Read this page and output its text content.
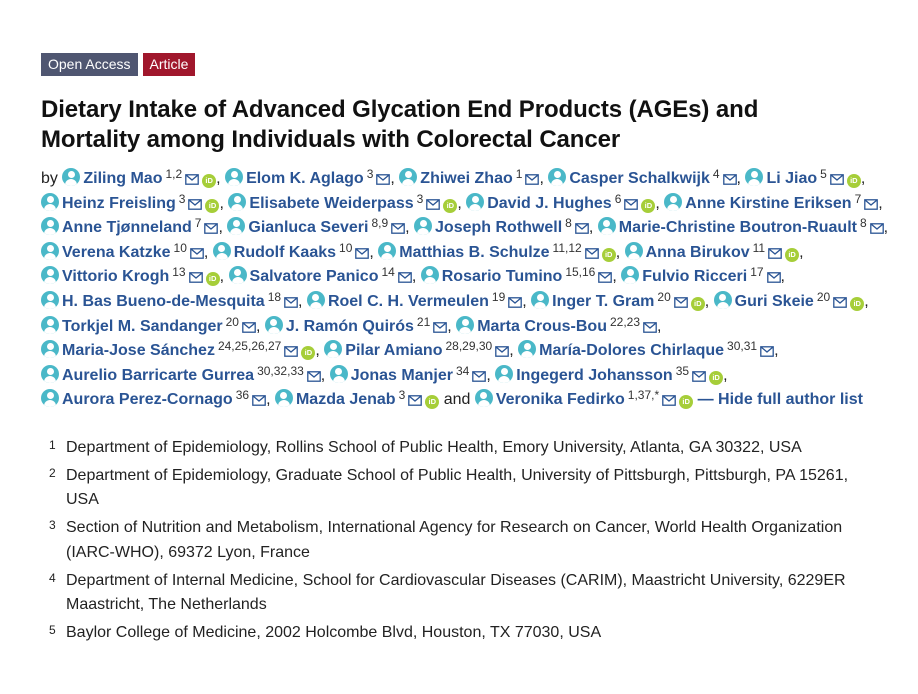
Open Access	Article
Dietary Intake of Advanced Glycation End Products (AGEs) and
Mortality among Individuals with Colorectal Cancer
by Ziling Mao $^{1,2}$	iD , Elom K. Aglago $^3$ , Zhiwei Zhao $^1$ , Casper Schalkwijk $^4$ , Li Jiao $^5$	iD , Heinz Freisling $^3$	iD , Elisabete Weiderpass $^3$	iD , David J. Hughes $^6$	iD , Anne Kirstine Eriksen $^7$ , Anne Tjønneland $^7$ , Gianluca Severi $^{8,9}$ , Joseph Rothwell $^8$ , Marie-Christine Boutron-Ruault $^8$ , Verena Katzke $^{10}$ , Rudolf Kaaks $^{10}$ , Matthias B. Schulze $^{11,12}$	iD , Anna Birukov $^{11}$	iD , Vittorio Krogh $^{13}$	iD , Salvatore Panico $^{14}$ , Rosario Tumino $^{15,16}$ , Fulvio Ricceri $^{17}$ , H. Bas Bueno-de-Mesquita $^{18}$ , Roel C. H. Vermeulen $^{19}$ , Inger T. Gram $^{20}$	iD , Guri Skeie $^{20}$	iD , Torkjel M. Sandanger $^{20}$ , J. Ramón Quirós $^{21}$ , Marta Crous-Bou $^{22,23}$ , Maria-Jose Sánchez $^{24,25,26,27}$	iD , Pilar Amiano $^{28,29,30}$ , María-Dolores Chirlaque $^{30,31}$ , Aurelio Barricarte Gurrea $^{30,32,33}$ , Jonas Manjer $^{34}$ , Ingegerd Johansson $^{35}$	iD , Aurora Perez-Cornago $^{36}$ , Mazda Jenab $^3$	iD and Veronika Fedirko $^{1,37,*}$	iD — Hide full author list
1 Department of Epidemiology, Rollins School of Public Health, Emory University, Atlanta, GA 30322, USA
2 Department of Epidemiology, Graduate School of Public Health, University of Pittsburgh, Pittsburgh, PA 15261, USA
3 Section of Nutrition and Metabolism, International Agency for Research on Cancer, World Health Organization (IARC-WHO), 69372 Lyon, France
4 Department of Internal Medicine, School for Cardiovascular Diseases (CARIM), Maastricht University, 6229ER Maastricht, The Netherlands
5 Baylor College of Medicine, 2002 Holcombe Blvd, Houston, TX 77030, USA
